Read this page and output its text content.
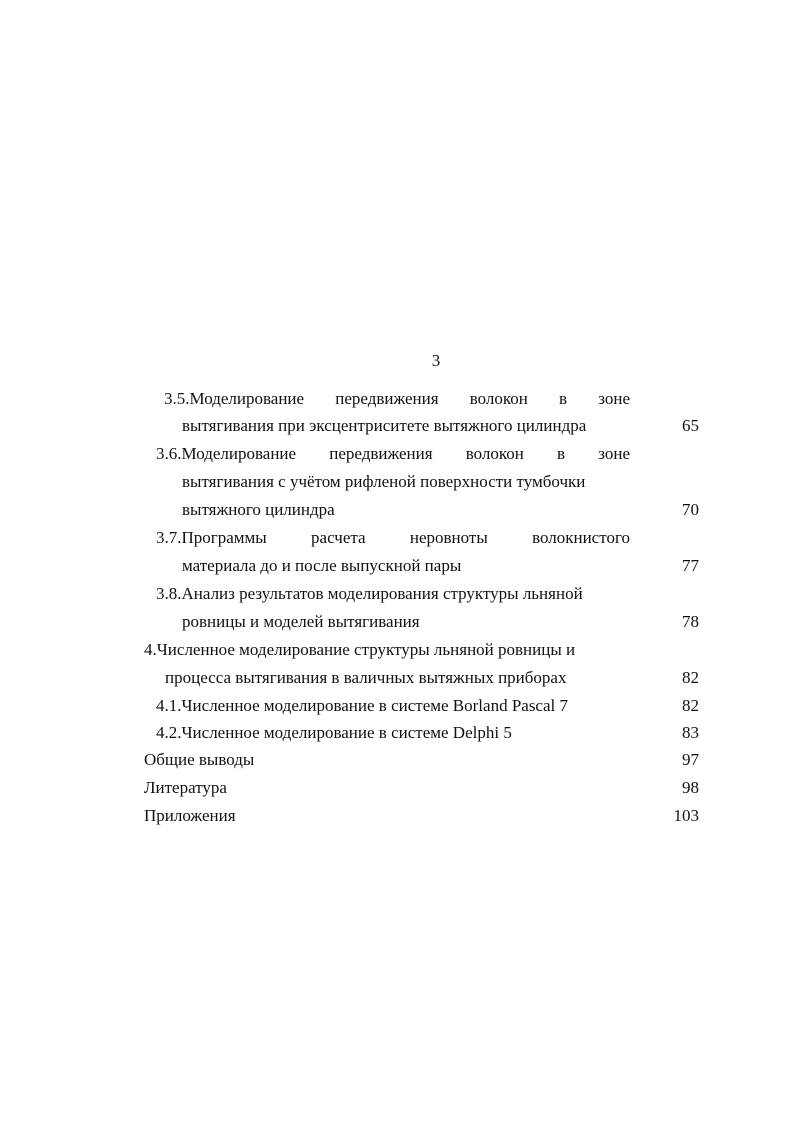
3
3.5.Моделирование передвижения волокон в зоне
вытягивания при эксцентриситете вытяжного цилиндра	65
3.6.Моделирование передвижения волокон в зоне
вытягивания с учётом рифленой поверхности тумбочки
вытяжного цилиндра	70
3.7.Программы	расчета	неровноты	волокнистого
материала до и после выпускной пары	77
3.8.Анализ результатов моделирования структуры льняной
ровницы и моделей вытягивания	78
4.Численное моделирование структуры льняной ровницы и
процесса вытягивания в валичных вытяжных приборах	82
4.1.Численное моделирование в системе Borland Pascal 7	82
4.2.Численное моделирование в системе Delphi 5	83
Общие выводы	97
Литература	98
Приложения	103
